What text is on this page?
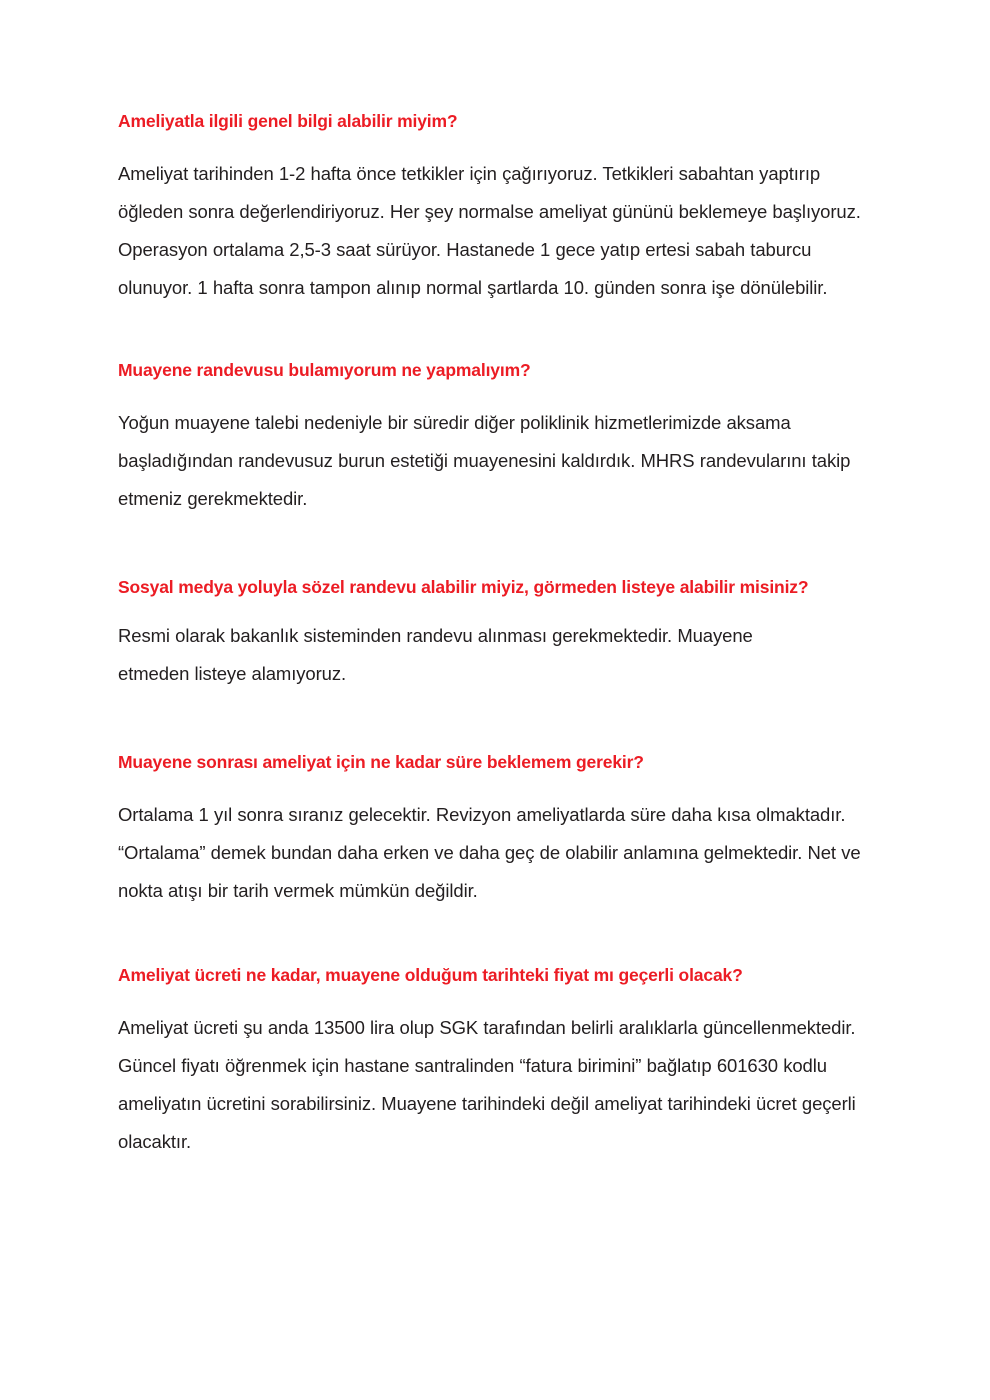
Ameliyatla ilgili genel bilgi alabilir miyim?

Ameliyat tarihinden 1-2 hafta önce tetkikler için çağırıyoruz. Tetkikleri sabahtan yaptırıp öğleden sonra değerlendiriyoruz. Her şey normalse ameliyat gününü beklemeye başlıyoruz. Operasyon ortalama 2,5-3 saat sürüyor. Hastanede 1 gece yatıp ertesi sabah taburcu olunuyor. 1 hafta sonra tampon alınıp normal şartlarda 10. günden sonra işe dönülebilir.

Muayene randevusu bulamıyorum ne yapmalıyım?

Yoğun muayene talebi nedeniyle bir süredir diğer poliklinik hizmetlerimizde aksama başladığından randevusuz burun estetiği muayenesini kaldırdık. MHRS randevularını takip etmeniz gerekmektedir.

Sosyal medya yoluyla sözel randevu alabilir miyiz, görmeden listeye alabilir misiniz?

Resmi olarak bakanlık sisteminden randevu alınması gerekmektedir. Muayene etmeden listeye alamıyoruz.

Muayene sonrası ameliyat için ne kadar süre beklemem gerekir?

Ortalama 1 yıl sonra sıranız gelecektir. Revizyon ameliyatlarda süre daha kısa olmaktadır. “Ortalama” demek bundan daha erken ve daha geç de olabilir anlamına gelmektedir. Net ve nokta atışı bir tarih vermek mümkün değildir.

Ameliyat ücreti ne kadar, muayene olduğum tarihteki fiyat mı geçerli olacak?

Ameliyat ücreti şu anda 13500 lira olup SGK tarafından belirli aralıklarla güncellenmektedir. Güncel fiyatı öğrenmek için hastane santralinden “fatura birimini” bağlatıp 601630 kodlu ameliyatın ücretini sorabilirsiniz. Muayene tarihindeki değil ameliyat tarihindeki ücret geçerli olacaktır.
